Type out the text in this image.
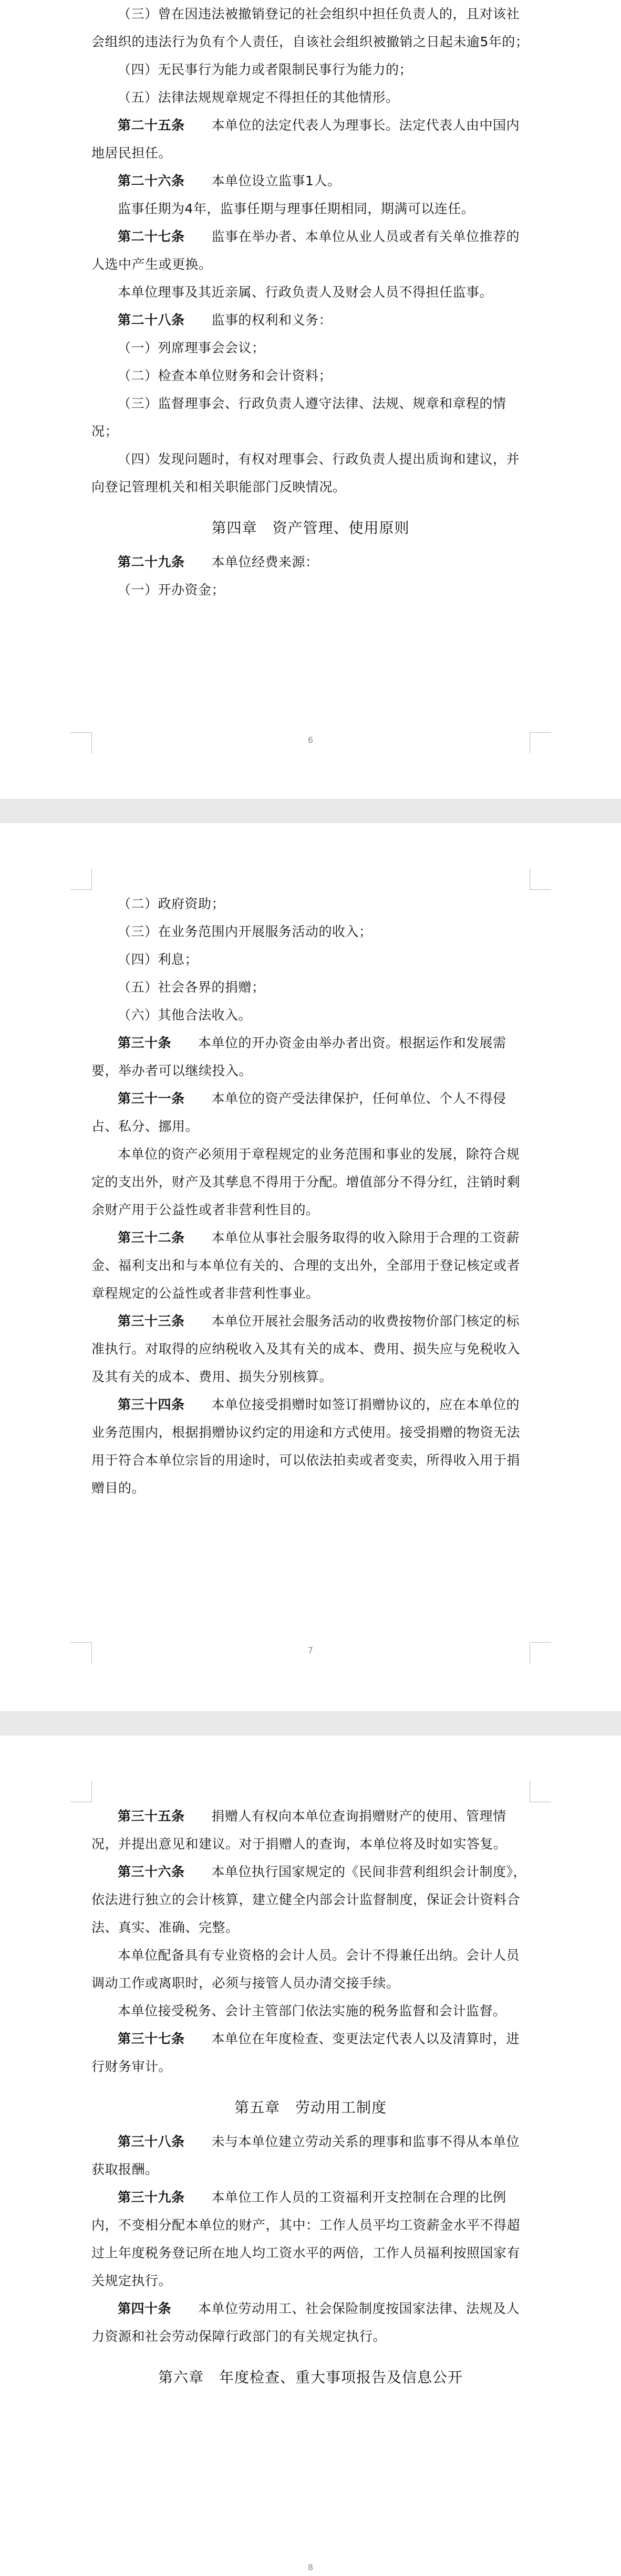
（三）曾在因违法被撤销登记的社会组织中担任负责人的，且对该社会组织的违法行为负有个人责任，自该社会组织被撤销之日起未逾5年的；

（四）无民事行为能力或者限制民事行为能力的；

（五）法律法规规章规定不得担任的其他情形。

第二十五条　　 本单位的法定代表人为理事长。法定代表人由中国内地居民担任。

第二十六条　　 本单位设立监事1人。

监事任期为4年，监事任期与理事任期相同，期满可以连任。

第二十七条　　 监事在举办者、本单位从业人员或者有关单位推荐的人选中产生或更换。

本单位理事及其近亲属、行政负责人及财会人员不得担任监事。

第二十八条　　 监事的权利和义务：

（一）列席理事会会议；

（二）检查本单位财务和会计资料；

（三）监督理事会、行政负责人遵守法律、法规、规章和章程的情况；

（四）发现问题时，有权对理事会、行政负责人提出质询和建议，并向登记管理机关和相关职能部门反映情况。

第四章　资产管理、使用原则

第二十九条　　 本单位经费来源：

（一）开办资金；

6

（二）政府资助；

（三）在业务范围内开展服务活动的收入；

（四）利息；

（五）社会各界的捐赠；

（六）其他合法收入。

第三十条　　 本单位的开办资金由举办者出资。根据运作和发展需要，举办者可以继续投入。

第三十一条　　 本单位的资产受法律保护，任何单位、个人不得侵占、私分、挪用。

本单位的资产必须用于章程规定的业务范围和事业的发展，除符合规定的支出外，财产及其孳息不得用于分配。增值部分不得分红，注销时剩余财产用于公益性或者非营利性目的。

第三十二条　　 本单位从事社会服务取得的收入除用于合理的工资薪金、福利支出和与本单位有关的、合理的支出外，全部用于登记核定或者章程规定的公益性或者非营利性事业。

第三十三条　　 本单位开展社会服务活动的收费按物价部门核定的标准执行。对取得的应纳税收入及其有关的成本、费用、损失应与免税收入及其有关的成本、费用、损失分别核算。

第三十四条　　 本单位接受捐赠时如签订捐赠协议的，应在本单位的业务范围内，根据捐赠协议约定的用途和方式使用。接受捐赠的物资无法用于符合本单位宗旨的用途时，可以依法拍卖或者变卖，所得收入用于捐赠目的。

7

第三十五条　　 捐赠人有权向本单位查询捐赠财产的使用、管理情况，并提出意见和建议。对于捐赠人的查询，本单位将及时如实答复。

第三十六条　　 本单位执行国家规定的《民间非营利组织会计制度》，依法进行独立的会计核算，建立健全内部会计监督制度，保证会计资料合法、真实、准确、完整。

本单位配备具有专业资格的会计人员。会计不得兼任出纳。会计人员调动工作或离职时，必须与接管人员办清交接手续。

本单位接受税务、会计主管部门依法实施的税务监督和会计监督。

第三十七条　　 本单位在年度检查、变更法定代表人以及清算时，进行财务审计。

第五章　劳动用工制度

第三十八条　　 未与本单位建立劳动关系的理事和监事不得从本单位获取报酬。

第三十九条　　 本单位工作人员的工资福利开支控制在合理的比例内，不变相分配本单位的财产，其中：工作人员平均工资薪金水平不得超过上年度税务登记所在地人均工资水平的两倍，工作人员福利按照国家有关规定执行。

第四十条　　 本单位劳动用工、社会保险制度按国家法律、法规及人力资源和社会劳动保障行政部门的有关规定执行。

第六章　年度检查、重大事项报告及信息公开
8
